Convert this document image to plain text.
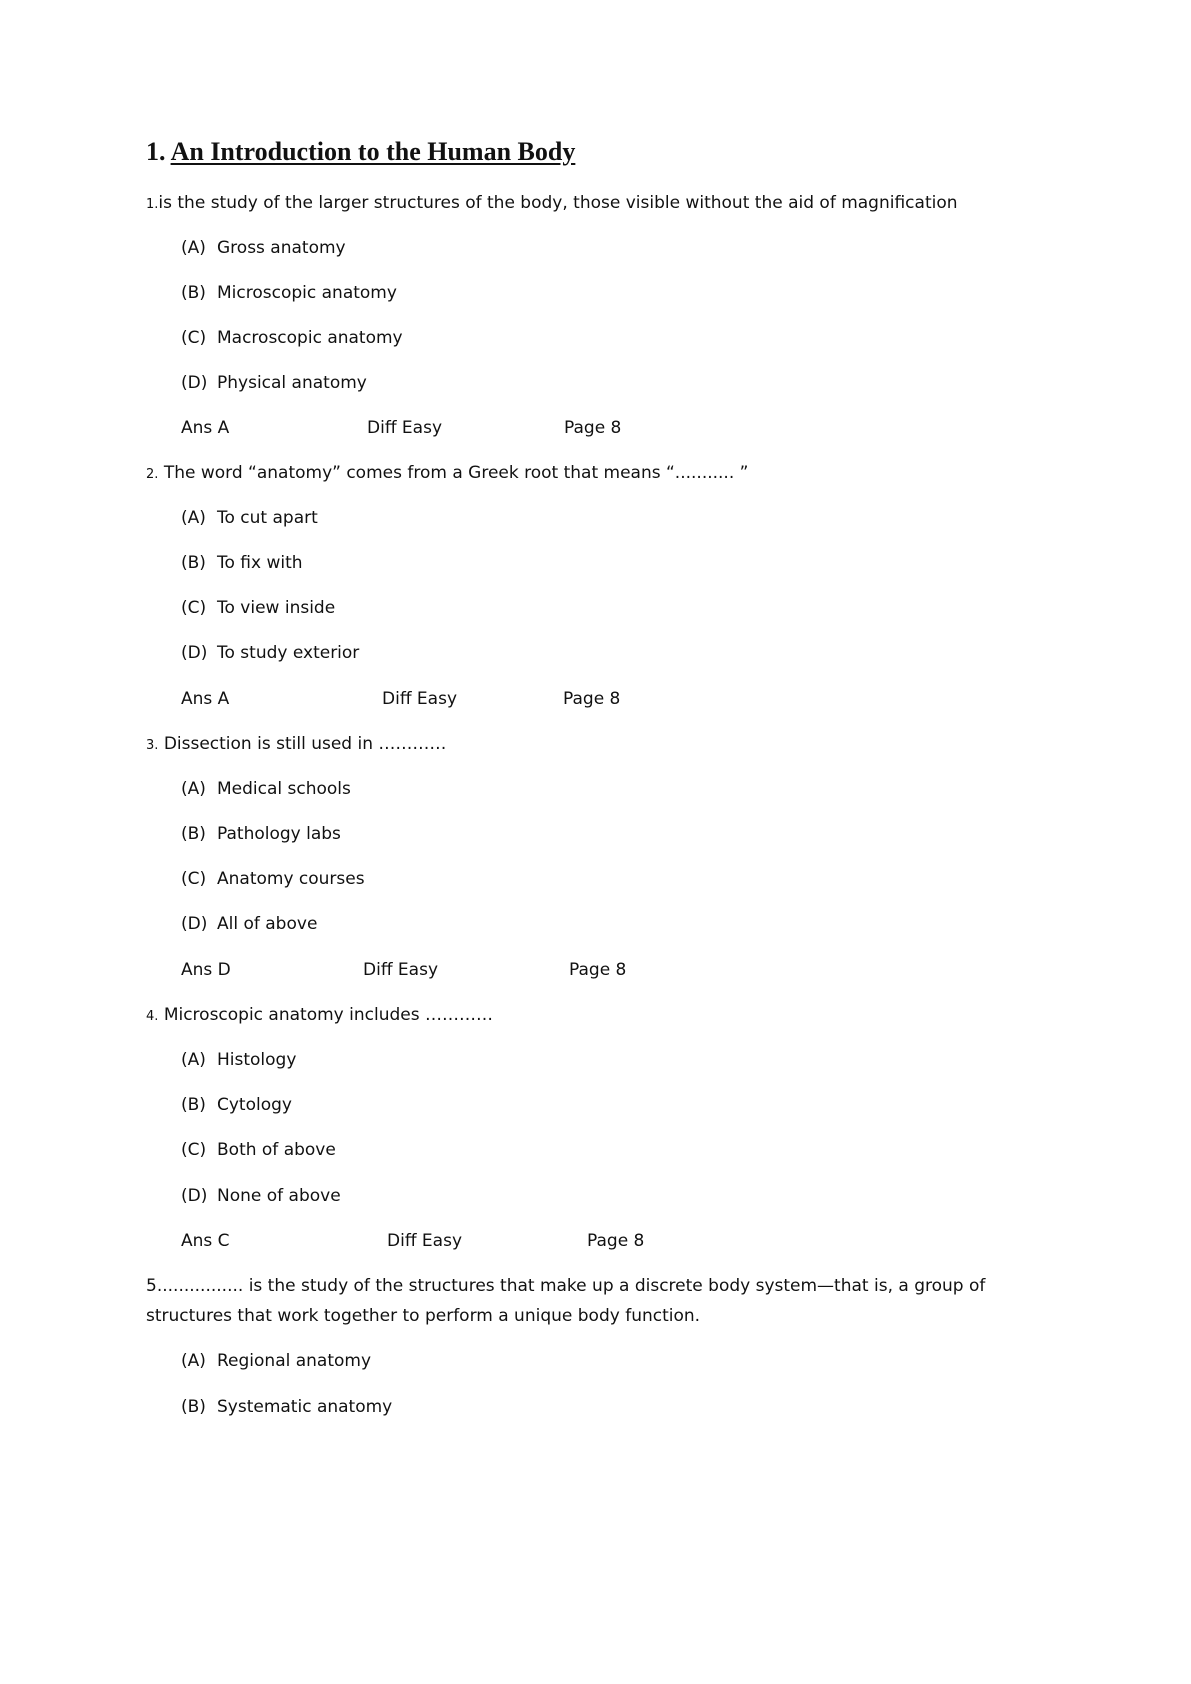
1. An Introduction to the Human Body
1.is the study of the larger structures of the body, those visible without the aid of magnification
(A) Gross anatomy
(B) Microscopic anatomy
(C) Macroscopic anatomy
(D) Physical anatomy
Ans A	Diff Easy	Page 8
2. The word “anatomy” comes from a Greek root that means “........... ”
(A) To cut apart
(B) To fix with
(C) To view inside
(D) To study exterior
Ans A	Diff Easy	Page 8
3. Dissection is still used in …………
(A) Medical schools
(B) Pathology labs
(C) Anatomy courses
(D) All of above
Ans D	Diff Easy	Page 8
4. Microscopic anatomy includes …………
(A) Histology
(B) Cytology
(C) Both of above
(D) None of above
Ans C	Diff Easy	Page 8
5................ is the study of the structures that make up a discrete body system—that is, a group of structures that work together to perform a unique body function.
(A) Regional anatomy
(B) Systematic anatomy
